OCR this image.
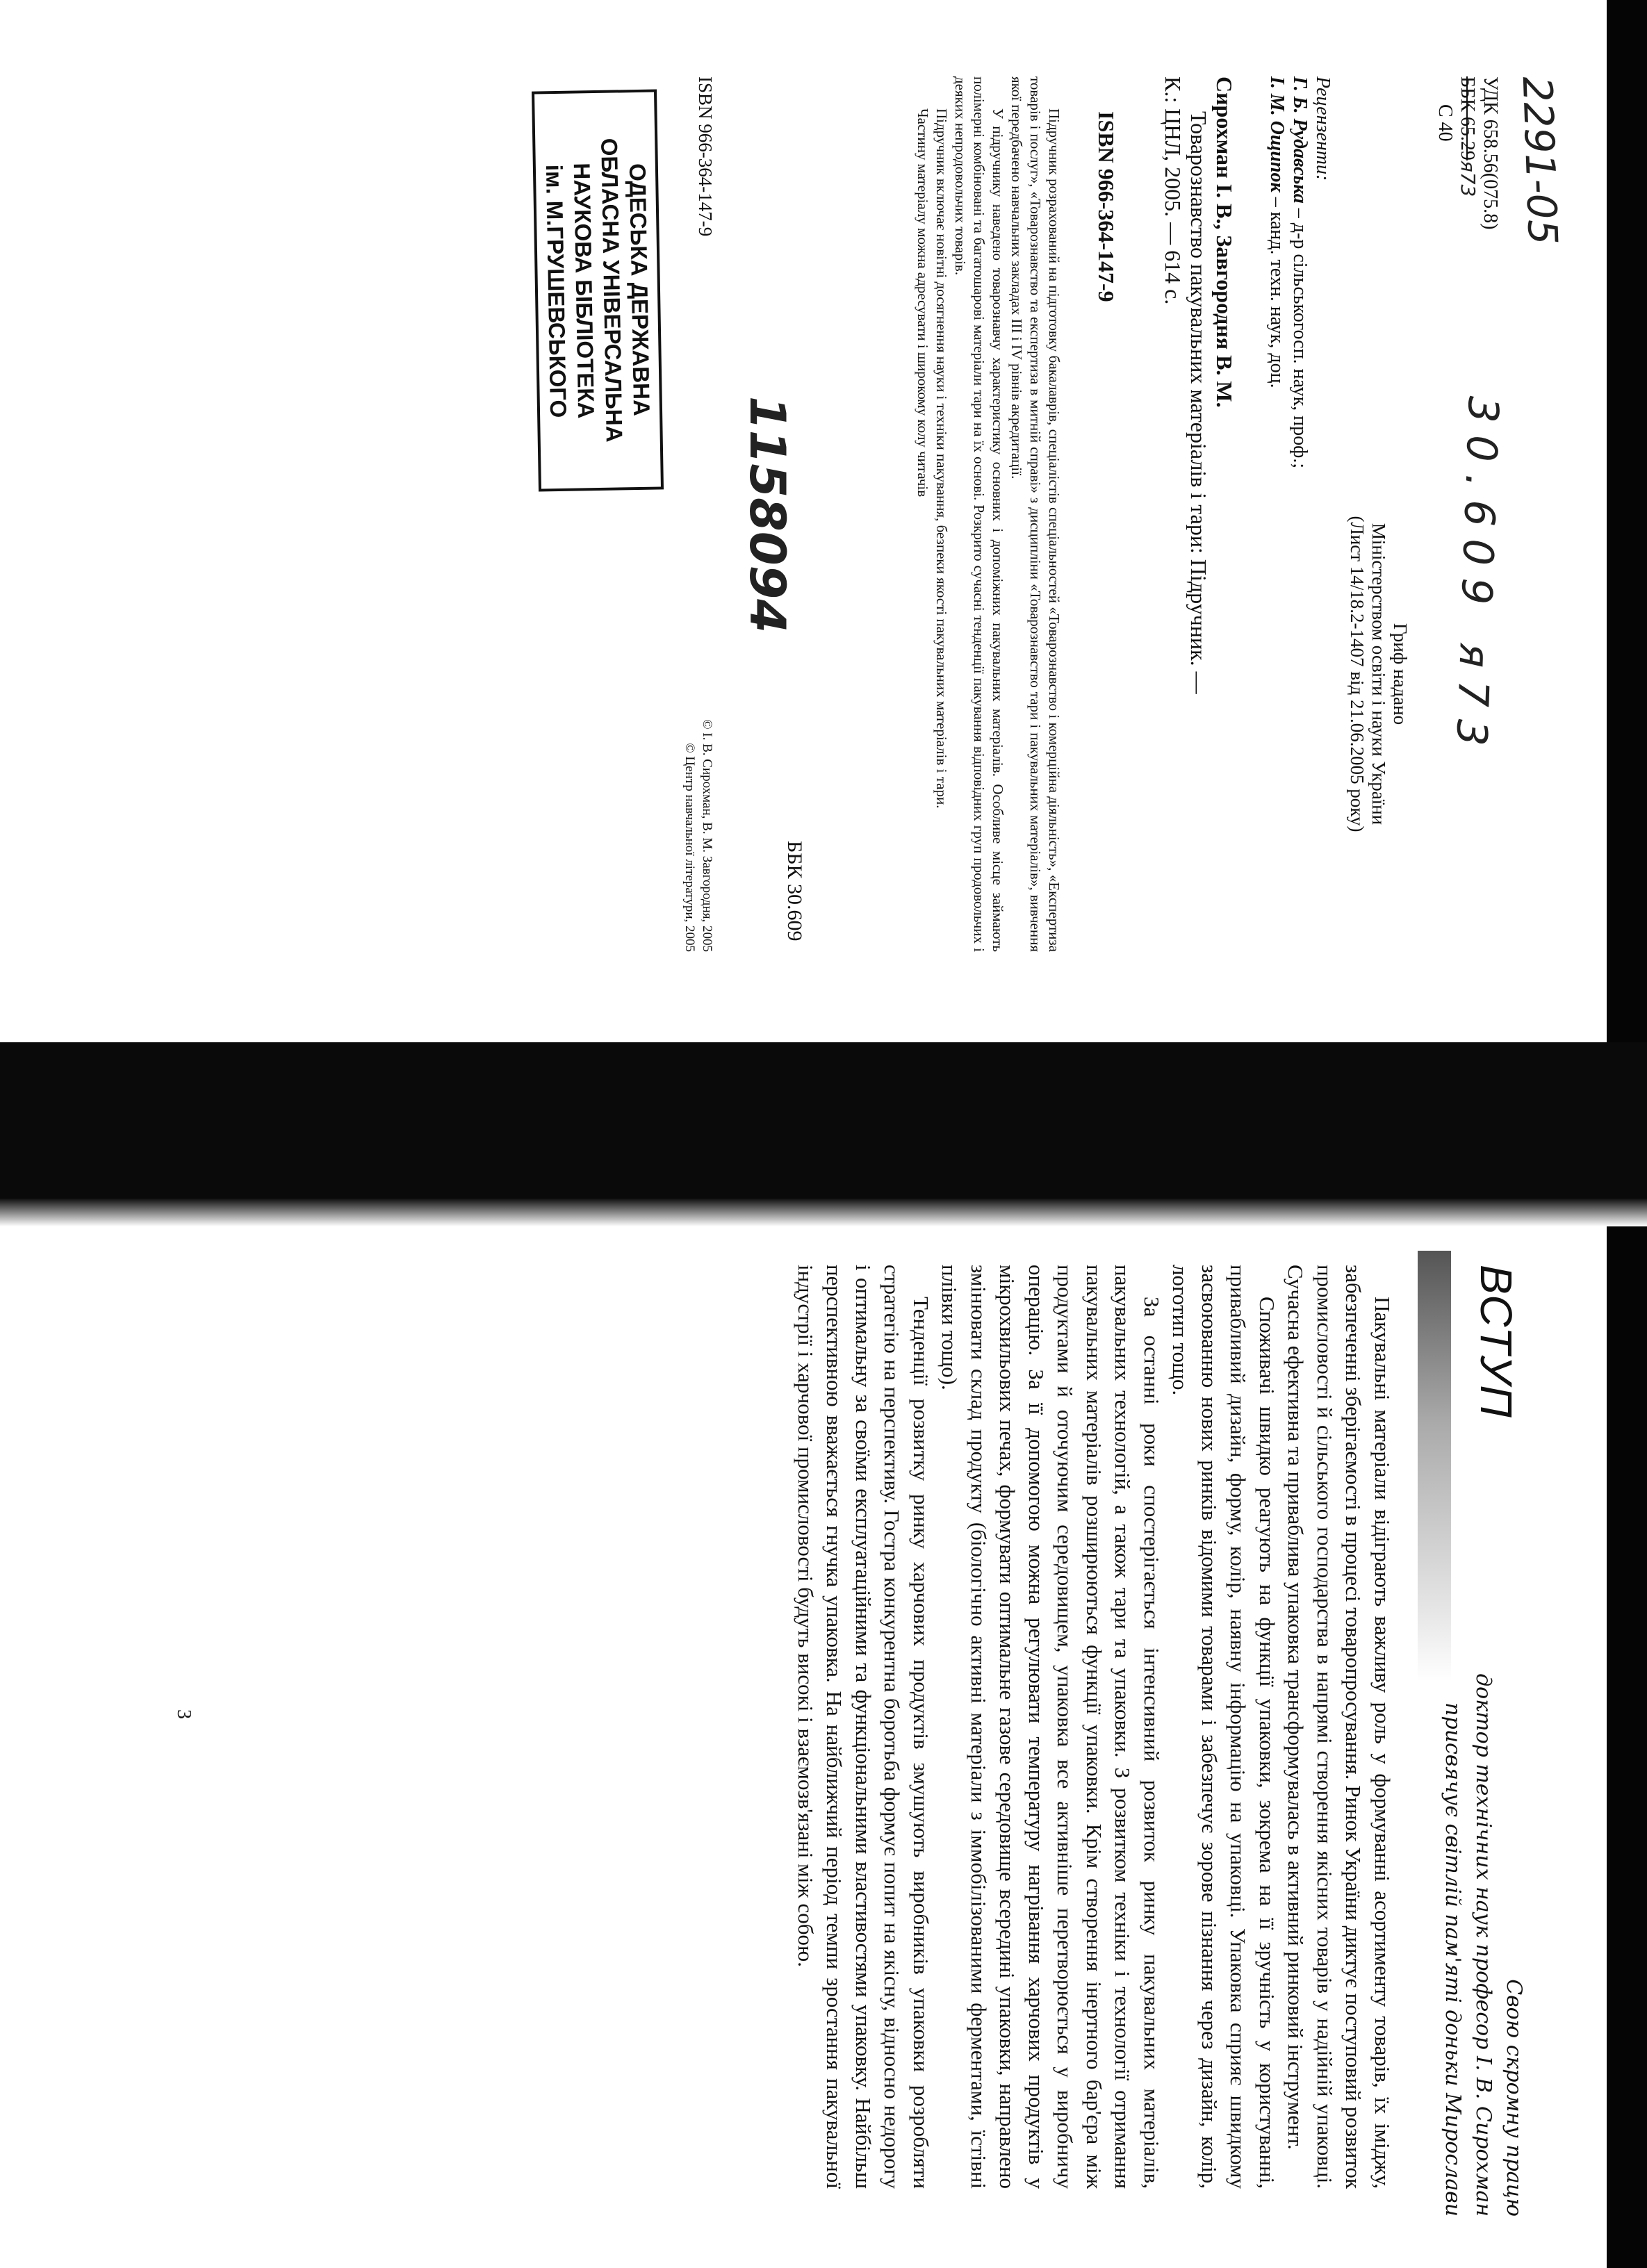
2291-05

УДК 658.56(075.8)

ББК 65.29я73

С 40

30.609 я73

Гриф надано

Міністерством освіти і науки України

(Лист 14/18.2-1407 від 21.06.2005 року)

Рецензенти:

Г. Б. Рудавська – д-р сільськогосп. наук, проф.;

І. М. Ощипок – канд. техн. наук, доц.

Сирохман І. В., Завгородня В. М.

Товарознавство пакувальних матеріалів і тари: Підручник. —

К.: ЦНЛ, 2005. — 614 с.

ISBN 966-364-147-9

Підручник розрахований на підготовку бакалаврів, спеціалістів спеціальностей «Товарознавство і комерційна діяльність», «Експертиза товарів і послуг», «Товарознавство та експертиза в митній справі» з дисципліни «Товарознавство тари і пакувальних матеріалів», вивчення якої передбачено навчальних закладах III і IV рівнів акредитації.

У підручнику наведено товарознавчу характеристику основних і допоміжних пакувальних матеріалів. Особливе місце займають полімерні комбіновані та багатошарові матеріали тари на їх основі. Розкрито сучасні тенденції пакування відповідних груп продовольчих і деяких непродовольчих товарів.

Підручник включає новітні досягнення науки і техніки пакування, безпеки якості пакувальних матеріалів і тари.

Частину матеріалу можна адресувати і широкому колу читачів

ББК 30.609

1158094

© І. В. Сирохман, В. М. Завгородня, 2005

© Центр навчальної літератури, 2005

ISBN 966-364-147-9

ОДЕСЬКА ДЕРЖАВНА

ОБЛАСНА УНІВЕРСАЛЬНА

НАУКОВА БІБЛІОТЕКА

ім. М.ГРУШЕВСЬКОГО

Свою скромну працю

доктор технічних наук професор І. В. Сирохман

присвячує світлій пам'яті доньки Мирослави

ВСТУП

Пакувальні матеріали відіграють важливу роль у формуванні асортименту товарів, їх іміджу, забезпеченні зберігаємості в процесі товаропросування. Ринок України диктує поступовий розвиток промисловості й сільського господарства в напрямі створення якісних товарів у надійній упаковці. Сучасна ефективна та приваблива упаковка трансформувалась в активний ринковий інструмент.

Споживачі швидко реагують на функції упаковки, зокрема на її зручність у користуванні, привабливий дизайн, форму, колір, наявну інформацію на упаковці. Упаковка сприяє швидкому засвоюванню нових ринків відомими товарами і забезпечує зорове пізнання через дизайн, колір, логотип тощо.

За останні роки спостерігається інтенсивний розвиток ринку пакувальних матеріалів, пакувальних технологій, а також тари та упаковки. З розвитком техніки і технології отримання пакувальних матеріалів розширюються функції упаковки. Крім створення інертного бар'єра між продуктами й оточуючим середовищем, упаковка все активніше перетворюється у виробничу операцію. За її допомогою можна регулювати температуру нагрівання харчових продуктів у мікрохвильових печах, формувати оптимальне газове середовище всередині упаковки, направлено змінювати склад продукту (біологічно активні матеріали з іммобілізованими ферментами, їстівні плівки тощо).

Тенденції розвитку ринку харчових продуктів змушують виробників упаковки розробляти стратегію на перспективу. Гостра конкурентна боротьба формує попит на якісну, відносно недорогу і оптимальну за своїми експлуатаційними та функціональними властивостями упаковку. Найбільш перспективною вважається гнучка упаковка. На найближчий період темпи зростання пакувальної індустрії і харчової промисловості будуть високі і взаємозв'язані між собою.

3
